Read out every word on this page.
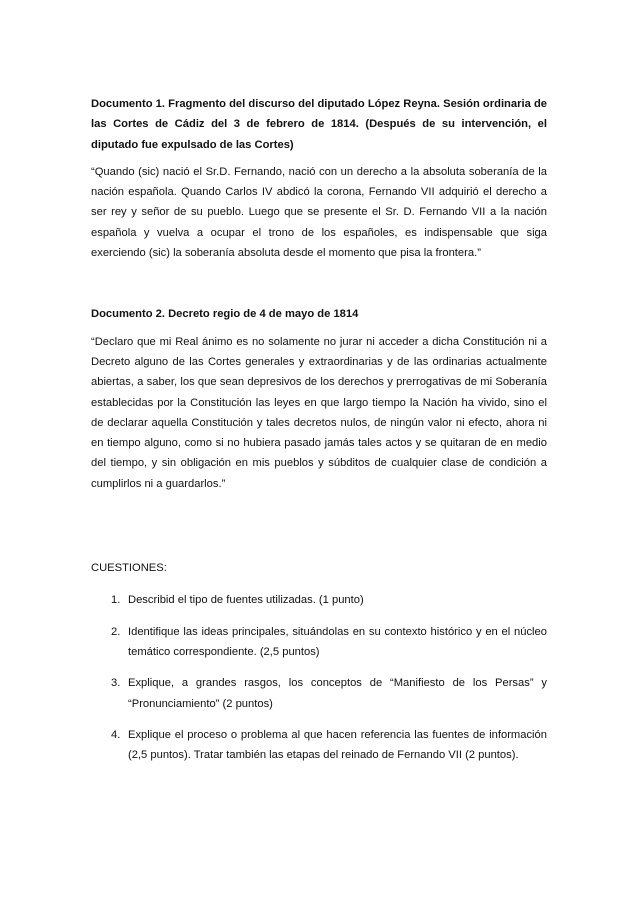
Documento 1. Fragmento del discurso del diputado López Reyna. Sesión ordinaria de las Cortes de Cádiz del 3 de febrero de 1814. (Después de su intervención, el diputado fue expulsado de las Cortes)

“Quando (sic) nació el Sr.D. Fernando, nació con un derecho a la absoluta soberanía de la nación española. Quando Carlos IV abdicó la corona, Fernando VII adquirió el derecho a ser rey y señor de su pueblo. Luego que se presente el Sr. D. Fernando VII a la nación española y vuelva a ocupar el trono de los españoles, es indispensable que siga exerciendo (sic) la soberanía absoluta desde el momento que pisa la frontera.”

Documento 2. Decreto regio de 4 de mayo de 1814

“Declaro que mi Real ánimo es no solamente no jurar ni acceder a dicha Constitución ni a Decreto alguno de las Cortes generales y extraordinarias y de las ordinarias actualmente abiertas, a saber, los que sean depresivos de los derechos y prerrogativas de mi Soberanía establecidas por la Constitución las leyes en que largo tiempo la Nación ha vivido, sino el de declarar aquella Constitución y tales decretos nulos, de ningún valor ni efecto, ahora ni en tiempo alguno, como si no hubiera pasado jamás tales actos y se quitaran de en medio del tiempo, y sin obligación en mis pueblos y súbditos de cualquier clase de condición a cumplirlos ni a guardarlos.”

CUESTIONES:

1. Describid el tipo de fuentes utilizadas. (1 punto)
2. Identifique las ideas principales, situándolas en su contexto histórico y en el núcleo temático correspondiente. (2,5 puntos)
3. Explique, a grandes rasgos, los conceptos de “Manifiesto de los Persas” y “Pronunciamiento” (2 puntos)
4. Explique el proceso o problema al que hacen referencia las fuentes de información (2,5 puntos). Tratar también las etapas del reinado de Fernando VII (2 puntos).
